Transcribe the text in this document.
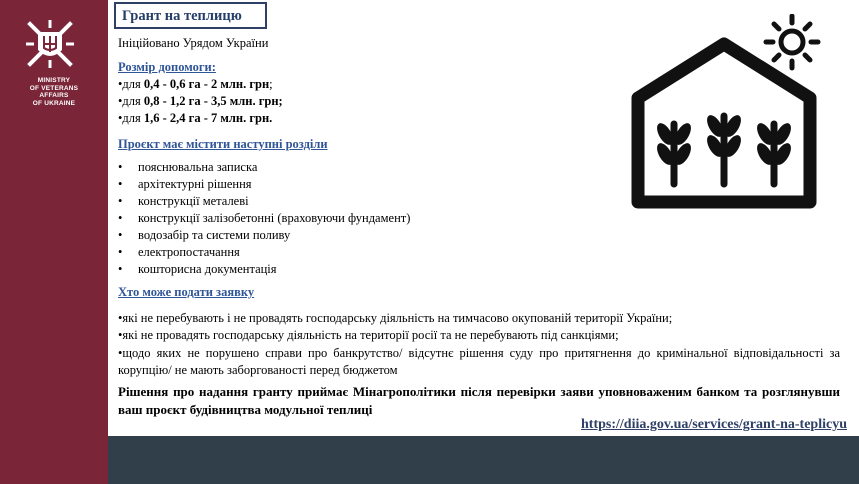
MINISTRY
OF VETERANS
AFFAIRS
OF UKRAINE
Грант на теплицю
Ініційовано Урядом України
Розмір допомоги:
•для 0,4 - 0,6 га - 2 млн. грн;
•для 0,8 - 1,2 га - 3,5 млн. грн;
•для 1,6 - 2,4 га - 7 млн. грн.
Проєкт має містити наступні розділи
• пояснювальна записка
• архітектурні рішення
• конструкції металеві
• конструкції залізобетонні (враховуючи фундамент)
• водозабір та системи поливу
• електропостачання
• кошторисна документація
Хто може подати заявку
•які не перебувають і не провадять господарську діяльність на тимчасово окупованій території України;
•які не провадять господарську діяльність на території росії та не перебувають під санкціями;
•щодо яких не порушено справи про банкрутство/ відсутнє рішення суду про притягнення до кримінальної відповідальності за корупцію/ не мають заборгованості перед бюджетом
Рішення про надання гранту приймає Мінагрополітики після перевірки заяви уповноваженим банком та розглянувши ваш проєкт будівництва модульної теплиці
https://diia.gov.ua/services/grant-na-teplicyu
